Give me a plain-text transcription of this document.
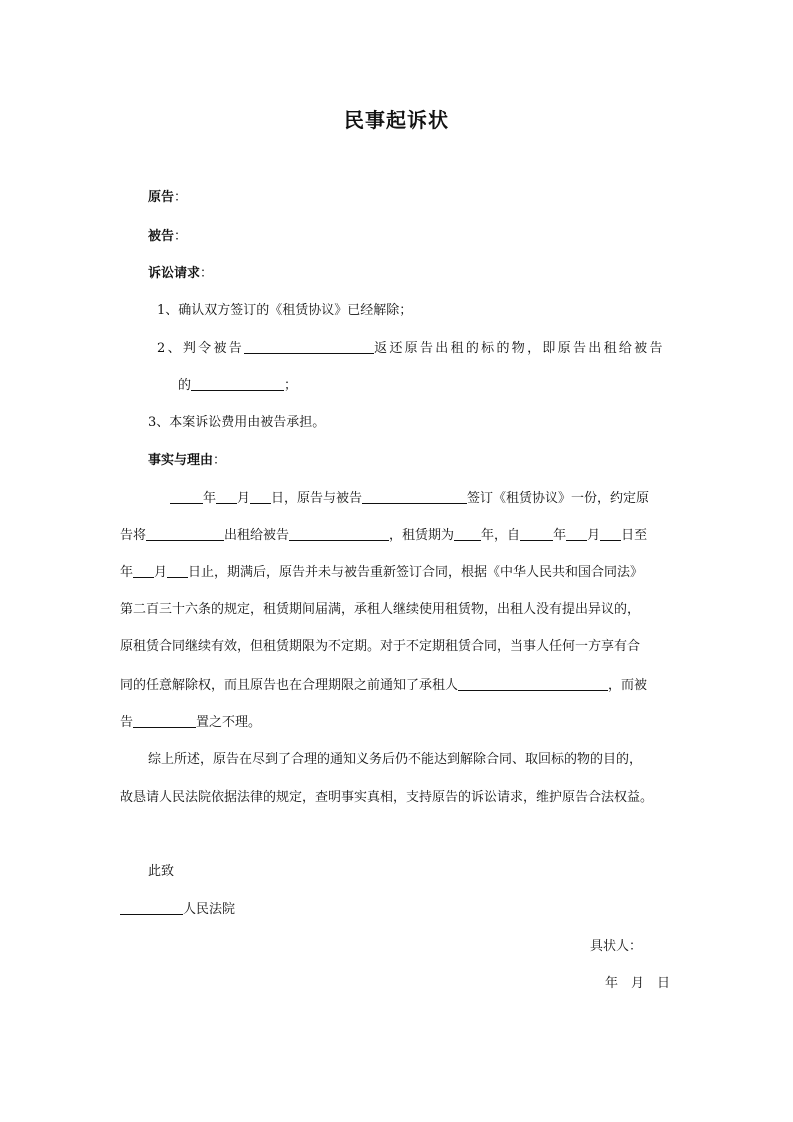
民事起诉状
原告：
被告：
诉讼请求：
1、确认双方签订的《租赁协议》已经解除；
2、判令被告	返还原告出租的标的物，即原告出租给被告
的	；
3、本案诉讼费用由被告承担。
事实与理由：
年 月 日，原告与被告	签订《租赁协议》一份，约定原
告将	出租给被告	，租赁期为 年，自	年 月 日至
年 月 日止，期满后，原告并未与被告重新签订合同，根据《中华人民共和国合同法》
第二百三十六条的规定，租赁期间届满，承租人继续使用租赁物，出租人没有提出异议的，
原租赁合同继续有效，但租赁期限为不定期。对于不定期租赁合同，当事人任何一方享有合
同的任意解除权，而且原告也在合理期限之前通知了承租人	，而被
告	置之不理。
综上所述，原告在尽到了合理的通知义务后仍不能达到解除合同、取回标的物的目的，
故恳请人民法院依据法律的规定，查明事实真相，支持原告的诉讼请求，维护原告合法权益。
此致
人民法院
具状人：
年　月　日
